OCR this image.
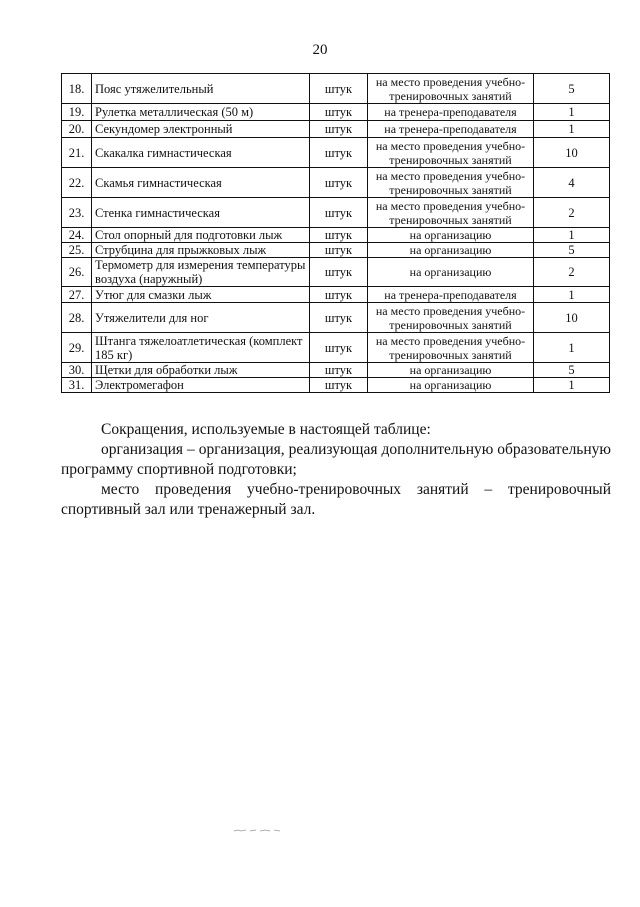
20
18.	Пояс утяжелительный	штук	на место проведения учебно-тренировочных занятий	5
19.	Рулетка металлическая (50 м)	штук	на тренера-преподавателя	1
20.	Секундомер электронный	штук	на тренера-преподавателя	1
21.	Скакалка гимнастическая	штук	на место проведения учебно-тренировочных занятий	10
22.	Скамья гимнастическая	штук	на место проведения учебно-тренировочных занятий	4
23.	Стенка гимнастическая	штук	на место проведения учебно-тренировочных занятий	2
24.	Стол опорный для подготовки лыж	штук	на организацию	1
25.	Струбцина для прыжковых лыж	штук	на организацию	5
26.	Термометр для измерения температуры воздуха (наружный)	штук	на организацию	2
27.	Утюг для смазки лыж	штук	на тренера-преподавателя	1
28.	Утяжелители для ног	штук	на место проведения учебно-тренировочных занятий	10
29.	Штанга тяжелоатлетическая (комплект 185 кг)	штук	на место проведения учебно-тренировочных занятий	1
30.	Щетки для обработки лыж	штук	на организацию	5
31.	Электромегафон	штук	на организацию	1

Сокращения, используемые в настоящей таблице:

организация – организация, реализующая дополнительную образовательную программу спортивной подготовки;

место проведения учебно-тренировочных занятий – тренировочный

спортивный зал или тренажерный зал.
